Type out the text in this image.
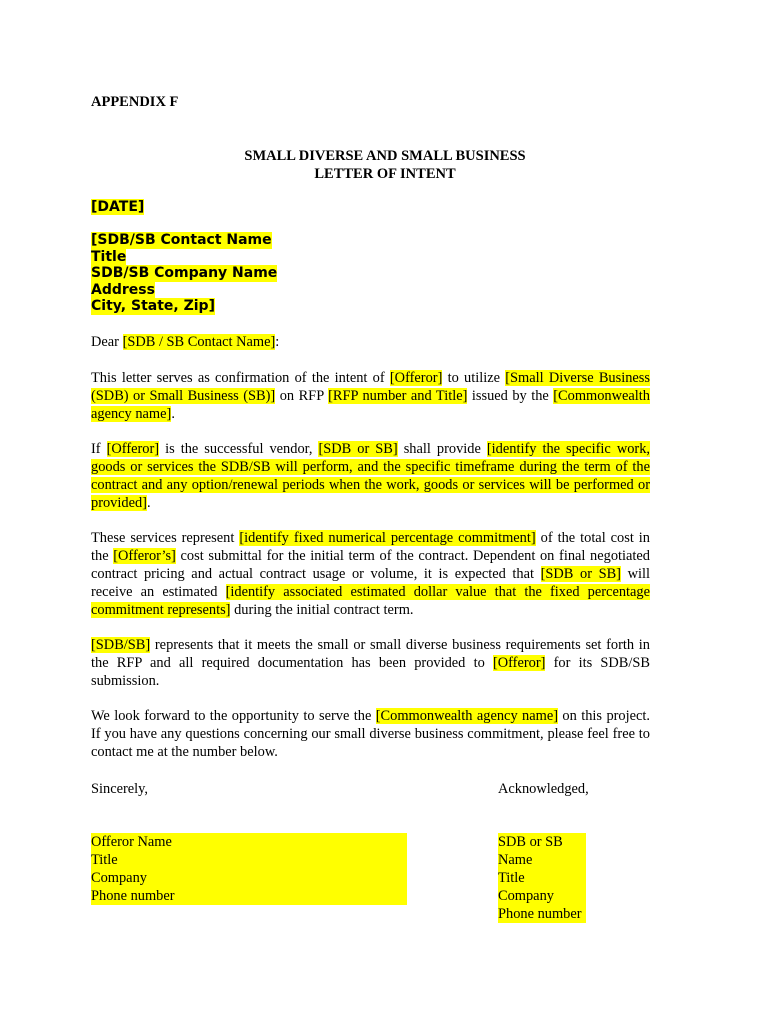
APPENDIX F
SMALL DIVERSE AND SMALL BUSINESS
LETTER OF INTENT
[DATE]
[SDB/SB Contact Name
Title
SDB/SB Company Name
Address
City, State, Zip]

Dear [SDB / SB Contact Name]:

This letter serves as confirmation of the intent of [Offeror] to utilize [Small Diverse Business (SDB) or Small Business (SB)] on RFP [RFP number and Title] issued by the [Commonwealth agency name].

If [Offeror] is the successful vendor, [SDB or SB] shall provide [identify the specific work, goods or services the SDB/SB will perform, and the specific timeframe during the term of the contract and any option/renewal periods when the work, goods or services will be performed or provided].

These services represent [identify fixed numerical percentage commitment] of the total cost in the [Offeror’s] cost submittal for the initial term of the contract. Dependent on final negotiated contract pricing and actual contract usage or volume, it is expected that [SDB or SB] will receive an estimated [identify associated estimated dollar value that the fixed percentage commitment represents] during the initial contract term.

[SDB/SB] represents that it meets the small or small diverse business requirements set forth in the RFP and all required documentation has been provided to [Offeror] for its SDB/SB submission.

We look forward to the opportunity to serve the [Commonwealth agency name] on this project. If you have any questions concerning our small diverse business commitment, please feel free to contact me at the number below.

Sincerely,	Acknowledged,
Offeror Name
Title
Company
Phone number
SDB or SB Name
Title
Company
Phone number
